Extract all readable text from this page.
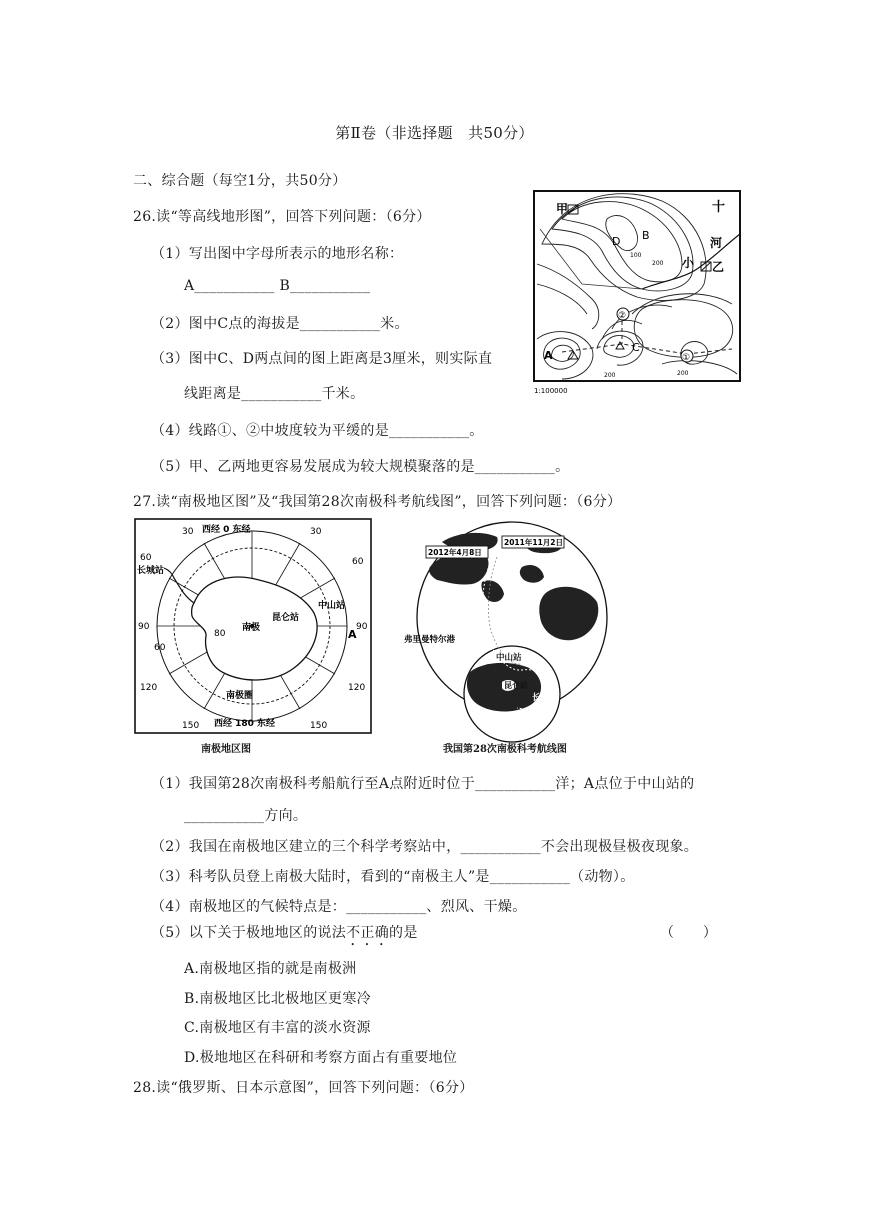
第Ⅱ卷（非选择题　共50分）
二、综合题（每空1分，共50分）
26.读“等高线地形图”，回答下列问题：（6分）
（1）写出图中字母所表示的地形名称：
A___________ B___________
（2）图中C点的海拔是___________米。
（3）图中C、D两点间的图上距离是3厘米，则实际直
线距离是___________千米。
（4）线路①、②中坡度较为平缓的是___________。
（5）甲、乙两地更容易发展成为较大规模聚落的是___________。
甲
乙
D B
A
C
②
①
十
河
小
200
100
200	200
1:100000
27.读“南极地区图”及“我国第28次南极科考航线图”，回答下列问题：（6分）
西经 0 东经
30	30
60	60
90	90
120	120
150	150
西经 180 东经
60
80
南极
长城站
中山站
昆仑站
A
南极圈
南极地区图
2012年4月8日
2011年11月2日
弗里曼特尔港
中山站
昆仑站
长城站
乌斯怀亚港
我国第28次南极科考航线图
（1）我国第28次南极科考船航行至A点附近时位于___________洋；A点位于中山站的
___________方向。
（2）我国在南极地区建立的三个科学考察站中，___________不会出现极昼极夜现象。
（3）科考队员登上南极大陆时，看到的“南极主人”是___________（动物）。
（4）南极地区的气候特点是：___________、烈风、干燥。
（5）以下关于极地地区的说法不正确的是	（　　）
A.南极地区指的就是南极洲
B.南极地区比北极地区更寒冷
C.南极地区有丰富的淡水资源
D.极地地区在科研和考察方面占有重要地位
28.读“俄罗斯、日本示意图”，回答下列问题：（6分）
